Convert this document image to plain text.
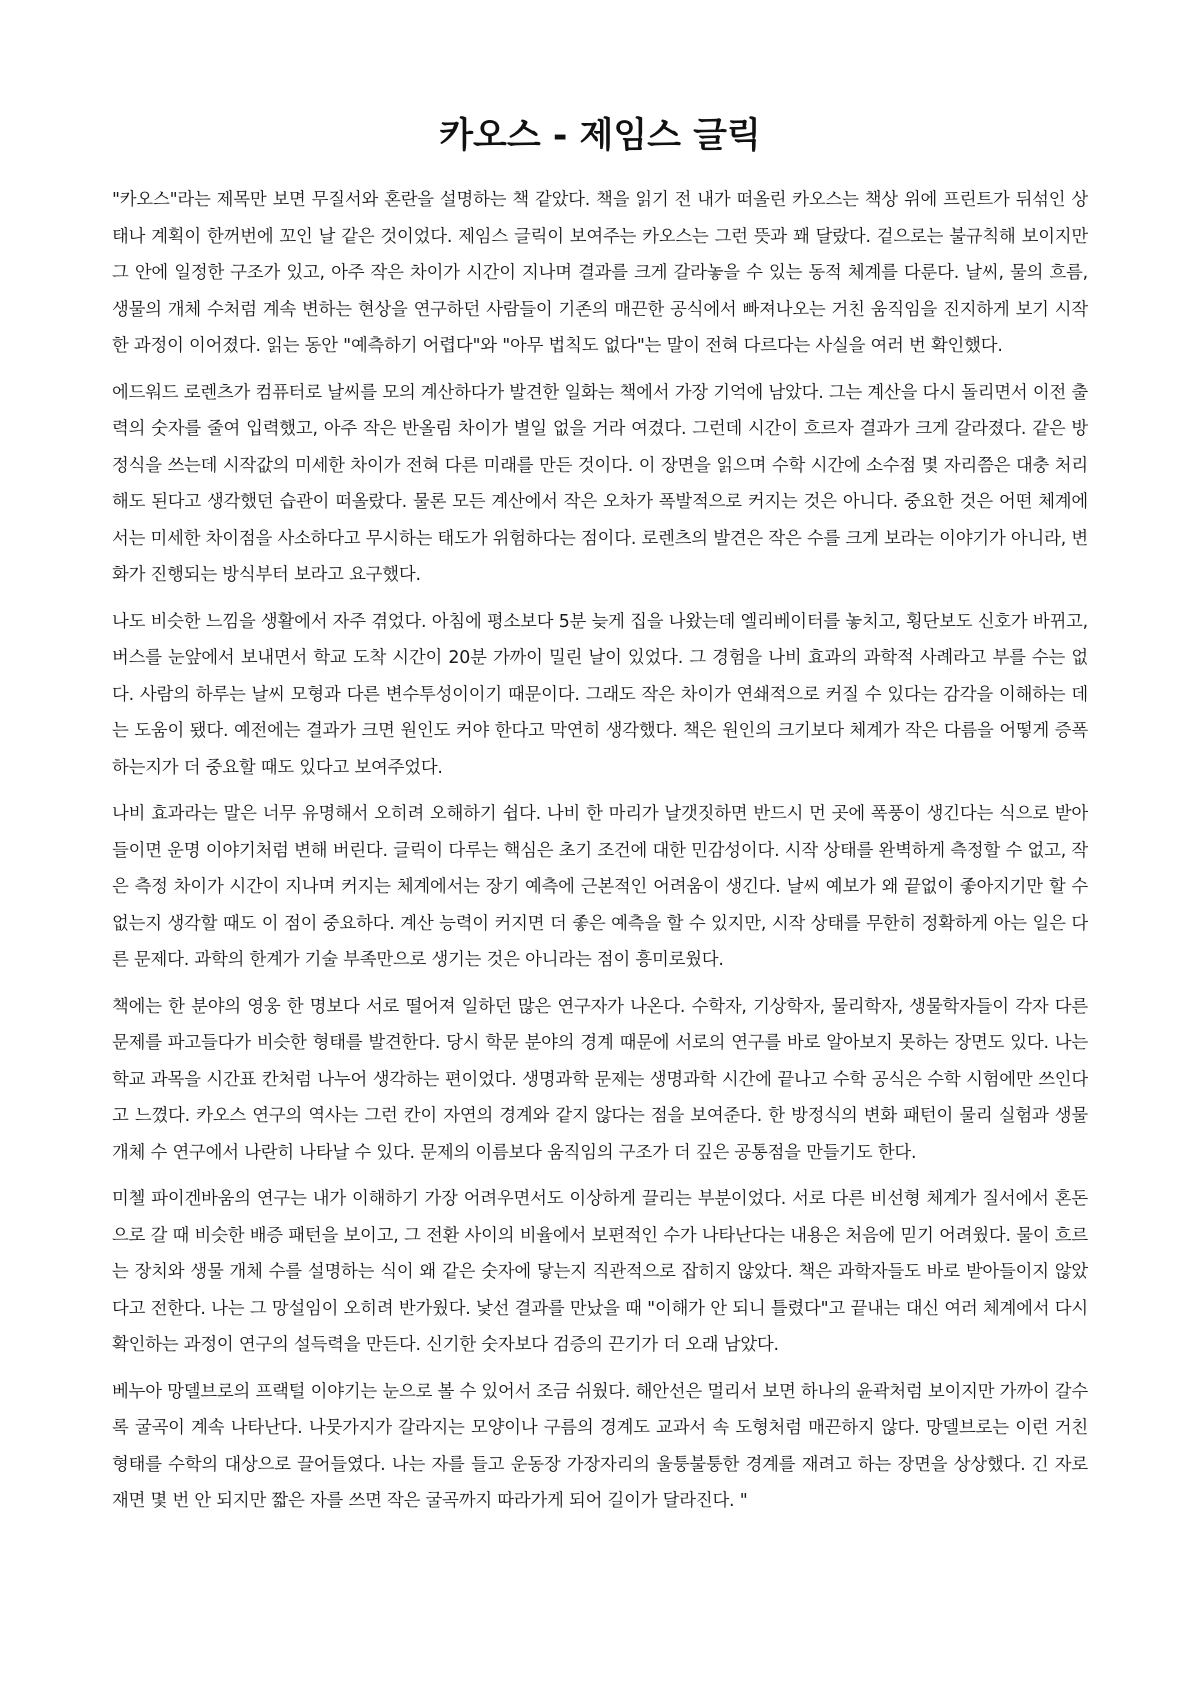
카오스 - 제임스 글릭

"카오스"라는 제목만 보면 무질서와 혼란을 설명하는 책 같았다. 책을 읽기 전 내가 떠올린 카오스는 책상 위에 프린트가 뒤섞인 상태나 계획이 한꺼번에 꼬인 날 같은 것이었다. 제임스 글릭이 보여주는 카오스는 그런 뜻과 꽤 달랐다. 겉으로는 불규칙해 보이지만 그 안에 일정한 구조가 있고, 아주 작은 차이가 시간이 지나며 결과를 크게 갈라놓을 수 있는 동적 체계를 다룬다. 날씨, 물의 흐름, 생물의 개체 수처럼 계속 변하는 현상을 연구하던 사람들이 기존의 매끈한 공식에서 빠져나오는 거친 움직임을 진지하게 보기 시작한 과정이 이어졌다. 읽는 동안 "예측하기 어렵다"와 "아무 법칙도 없다"는 말이 전혀 다르다는 사실을 여러 번 확인했다.

에드워드 로렌츠가 컴퓨터로 날씨를 모의 계산하다가 발견한 일화는 책에서 가장 기억에 남았다. 그는 계산을 다시 돌리면서 이전 출력의 숫자를 줄여 입력했고, 아주 작은 반올림 차이가 별일 없을 거라 여겼다. 그런데 시간이 흐르자 결과가 크게 갈라졌다. 같은 방정식을 쓰는데 시작값의 미세한 차이가 전혀 다른 미래를 만든 것이다. 이 장면을 읽으며 수학 시간에 소수점 몇 자리쯤은 대충 처리해도 된다고 생각했던 습관이 떠올랐다. 물론 모든 계산에서 작은 오차가 폭발적으로 커지는 것은 아니다. 중요한 것은 어떤 체계에서는 미세한 차이점을 사소하다고 무시하는 태도가 위험하다는 점이다. 로렌츠의 발견은 작은 수를 크게 보라는 이야기가 아니라, 변화가 진행되는 방식부터 보라고 요구했다.

나도 비슷한 느낌을 생활에서 자주 겪었다. 아침에 평소보다 5분 늦게 집을 나왔는데 엘리베이터를 놓치고, 횡단보도 신호가 바뀌고, 버스를 눈앞에서 보내면서 학교 도착 시간이 20분 가까이 밀린 날이 있었다. 그 경험을 나비 효과의 과학적 사례라고 부를 수는 없다. 사람의 하루는 날씨 모형과 다른 변수투성이이기 때문이다. 그래도 작은 차이가 연쇄적으로 커질 수 있다는 감각을 이해하는 데는 도움이 됐다. 예전에는 결과가 크면 원인도 커야 한다고 막연히 생각했다. 책은 원인의 크기보다 체계가 작은 다름을 어떻게 증폭하는지가 더 중요할 때도 있다고 보여주었다.

나비 효과라는 말은 너무 유명해서 오히려 오해하기 쉽다. 나비 한 마리가 날갯짓하면 반드시 먼 곳에 폭풍이 생긴다는 식으로 받아들이면 운명 이야기처럼 변해 버린다. 글릭이 다루는 핵심은 초기 조건에 대한 민감성이다. 시작 상태를 완벽하게 측정할 수 없고, 작은 측정 차이가 시간이 지나며 커지는 체계에서는 장기 예측에 근본적인 어려움이 생긴다. 날씨 예보가 왜 끝없이 좋아지기만 할 수 없는지 생각할 때도 이 점이 중요하다. 계산 능력이 커지면 더 좋은 예측을 할 수 있지만, 시작 상태를 무한히 정확하게 아는 일은 다른 문제다. 과학의 한계가 기술 부족만으로 생기는 것은 아니라는 점이 흥미로웠다.

책에는 한 분야의 영웅 한 명보다 서로 떨어져 일하던 많은 연구자가 나온다. 수학자, 기상학자, 물리학자, 생물학자들이 각자 다른 문제를 파고들다가 비슷한 형태를 발견한다. 당시 학문 분야의 경계 때문에 서로의 연구를 바로 알아보지 못하는 장면도 있다. 나는 학교 과목을 시간표 칸처럼 나누어 생각하는 편이었다. 생명과학 문제는 생명과학 시간에 끝나고 수학 공식은 수학 시험에만 쓰인다고 느꼈다. 카오스 연구의 역사는 그런 칸이 자연의 경계와 같지 않다는 점을 보여준다. 한 방정식의 변화 패턴이 물리 실험과 생물 개체 수 연구에서 나란히 나타날 수 있다. 문제의 이름보다 움직임의 구조가 더 깊은 공통점을 만들기도 한다.

미첼 파이겐바움의 연구는 내가 이해하기 가장 어려우면서도 이상하게 끌리는 부분이었다. 서로 다른 비선형 체계가 질서에서 혼돈으로 갈 때 비슷한 배증 패턴을 보이고, 그 전환 사이의 비율에서 보편적인 수가 나타난다는 내용은 처음에 믿기 어려웠다. 물이 흐르는 장치와 생물 개체 수를 설명하는 식이 왜 같은 숫자에 닿는지 직관적으로 잡히지 않았다. 책은 과학자들도 바로 받아들이지 않았다고 전한다. 나는 그 망설임이 오히려 반가웠다. 낯선 결과를 만났을 때 "이해가 안 되니 틀렸다"고 끝내는 대신 여러 체계에서 다시 확인하는 과정이 연구의 설득력을 만든다. 신기한 숫자보다 검증의 끈기가 더 오래 남았다.

베누아 망델브로의 프랙털 이야기는 눈으로 볼 수 있어서 조금 쉬웠다. 해안선은 멀리서 보면 하나의 윤곽처럼 보이지만 가까이 갈수록 굴곡이 계속 나타난다. 나뭇가지가 갈라지는 모양이나 구름의 경계도 교과서 속 도형처럼 매끈하지 않다. 망델브로는 이런 거친 형태를 수학의 대상으로 끌어들였다. 나는 자를 들고 운동장 가장자리의 울퉁불퉁한 경계를 재려고 하는 장면을 상상했다. 긴 자로 재면 몇 번 안 되지만 짧은 자를 쓰면 작은 굴곡까지 따라가게 되어 길이가 달라진다. "
